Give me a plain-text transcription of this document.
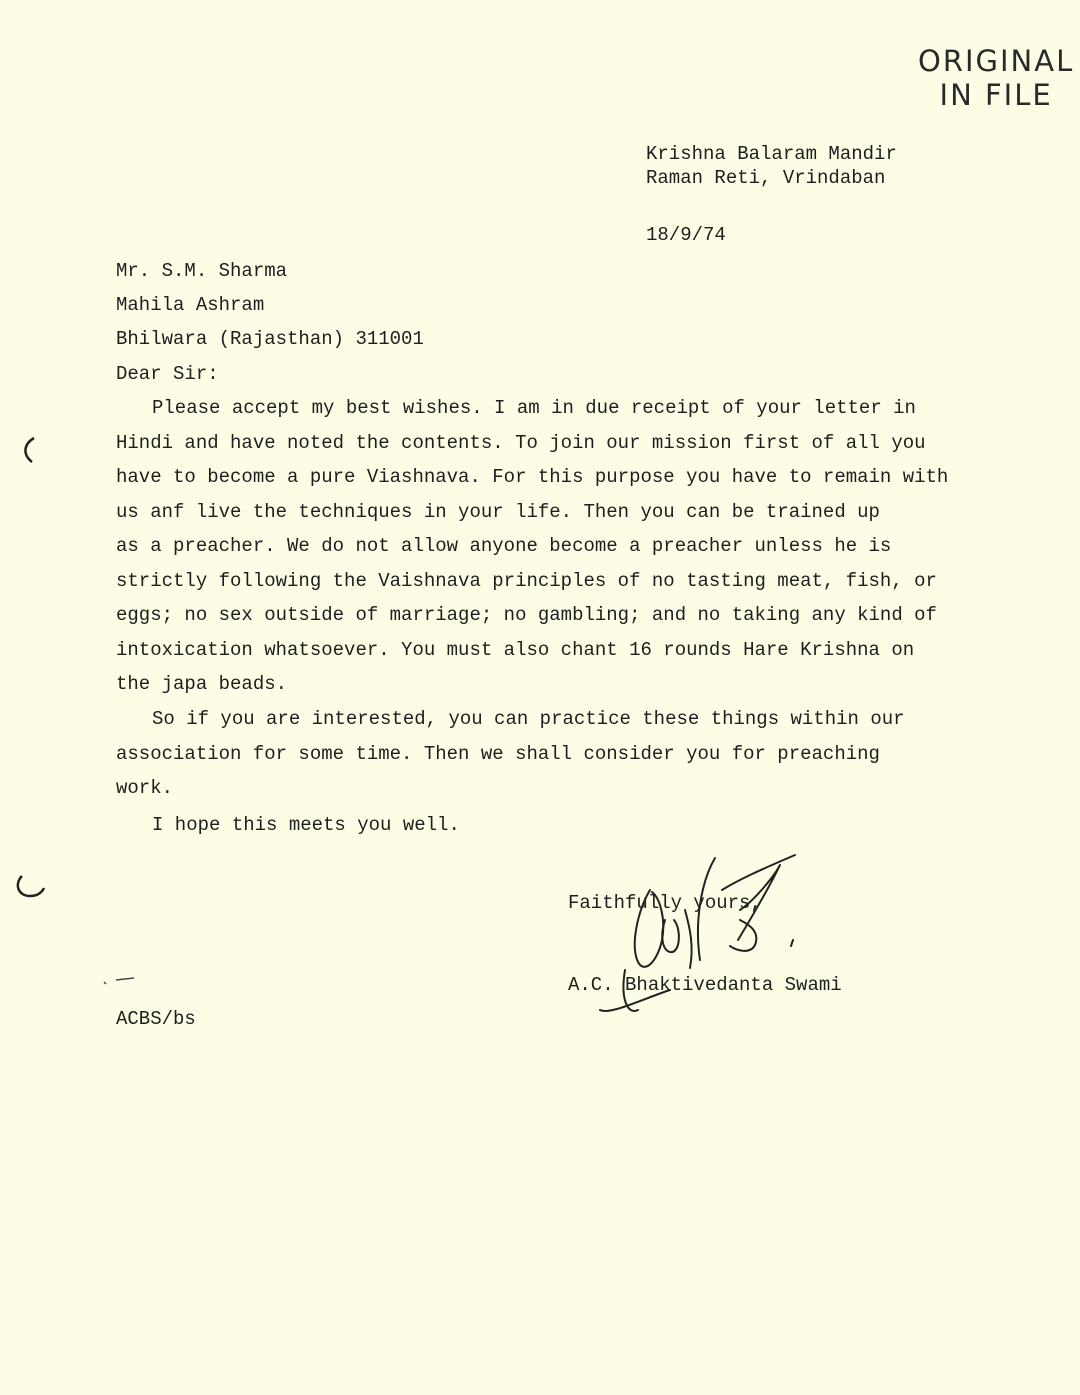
ORIGINAL
IN FILE
Krishna Balaram Mandir
Raman Reti, Vrindaban
18/9/74
Mr. S.M. Sharma
Mahila Ashram
Bhilwara (Rajasthan) 311001
Dear Sir:
Please accept my best wishes. I am in due receipt of your letter in
Hindi and have noted the contents. To join our mission first of all you
have to become a pure Viashnava. For this purpose you have to remain with
us anf live the techniques in your life. Then you can be trained up
as a preacher. We do not allow anyone become a preacher unless he is
strictly following the Vaishnava principles of no tasting meat, fish, or
eggs; no sex outside of marriage; no gambling; and no taking any kind of
intoxication whatsoever. You must also chant 16 rounds Hare Krishna on
the japa beads.
So if you are interested, you can practice these things within our
association for some time. Then we shall consider you for preaching
work.
I hope this meets you well.
Faithfully yours,
A.C. Bhaktivedanta Swami
ACBS/bs
